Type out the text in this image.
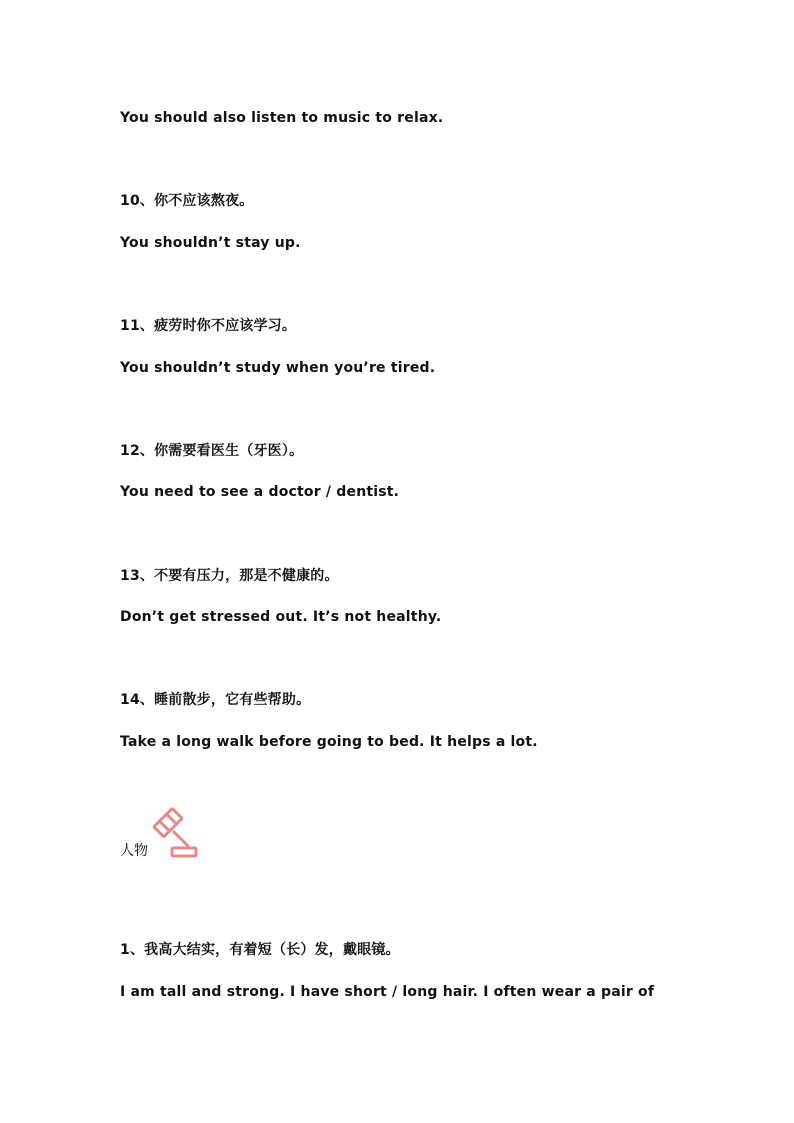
You should also listen to music to relax.
10、你不应该熬夜。
You shouldn’t stay up.
11、疲劳时你不应该学习。
You shouldn’t study when you’re tired.
12、你需要看医生（牙医）。
You need to see a doctor / dentist.
13、不要有压力，那是不健康的。
Don’t get stressed out. It’s not healthy.
14、睡前散步，它有些帮助。
Take a long walk before going to bed. It helps a lot.
人物
1、我高大结实，有着短（长）发，戴眼镜。
I am tall and strong. I have short / long hair. I often wear a pair of
